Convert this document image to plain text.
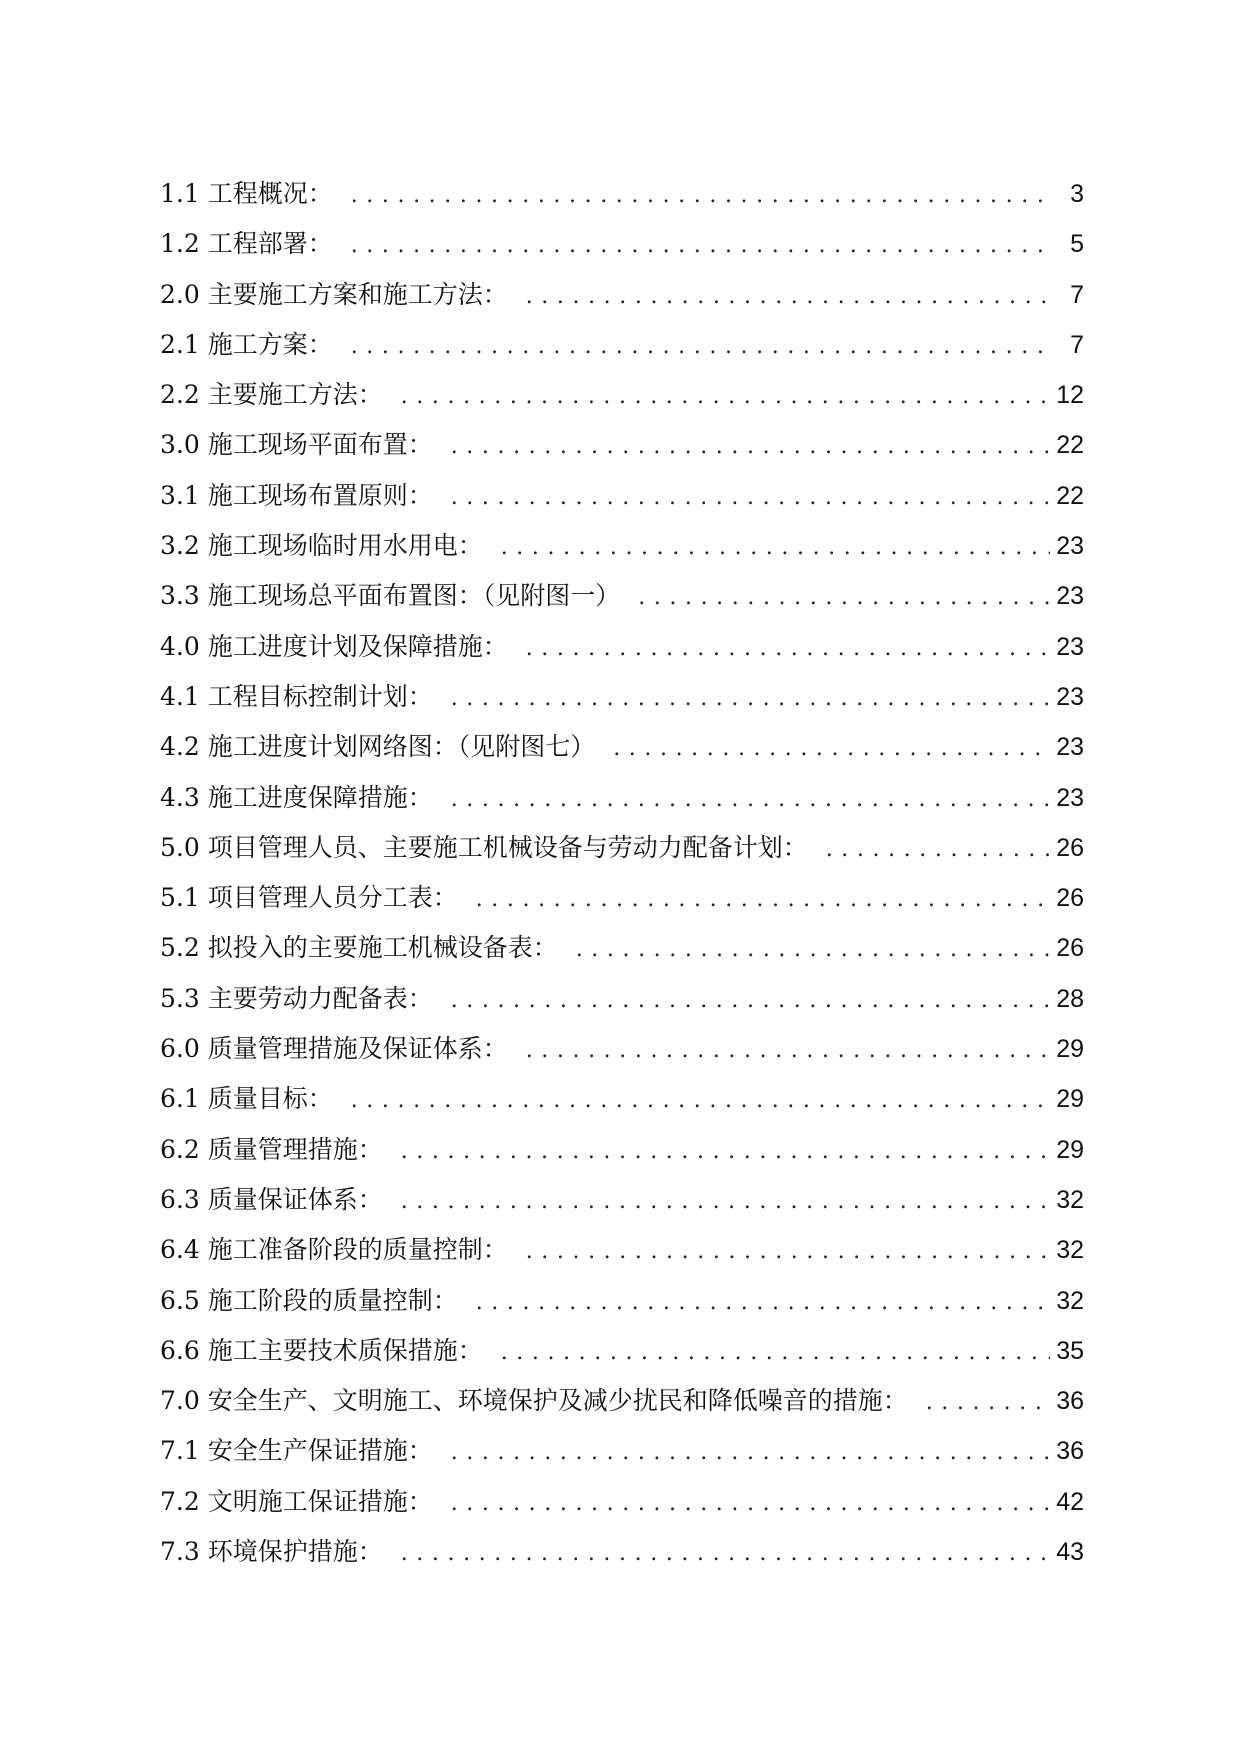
1.1 工程概况： .....	3
1.2 工程部署： .....	5
2.0 主要施工方案和施工方法： .....	7
2.1 施工方案： .....	7
2.2 主要施工方法： .....	12
3.0 施工现场平面布置： .....	22
3.1 施工现场布置原则： .....	22
3.2 施工现场临时用水用电： .....	23
3.3 施工现场总平面布置图：（见附图一） .....	23
4.0 施工进度计划及保障措施： .....	23
4.1 工程目标控制计划： .....	23
4.2 施工进度计划网络图：（见附图七） .....	23
4.3 施工进度保障措施： .....	23
5.0 项目管理人员、主要施工机械设备与劳动力配备计划： .....	26
5.1 项目管理人员分工表： .....	26
5.2 拟投入的主要施工机械设备表： .....	26
5.3 主要劳动力配备表： .....	28
6.0 质量管理措施及保证体系： .....	29
6.1 质量目标： .....	29
6.2 质量管理措施： .....	29
6.3 质量保证体系： .....	32
6.4 施工准备阶段的质量控制： .....	32
6.5 施工阶段的质量控制： .....	32
6.6 施工主要技术质保措施： .....	35
7.0 安全生产、文明施工、环境保护及减少扰民和降低噪音的措施： .....	36
7.1 安全生产保证措施： .....	36
7.2 文明施工保证措施： .....	42
7.3 环境保护措施： .....	43
